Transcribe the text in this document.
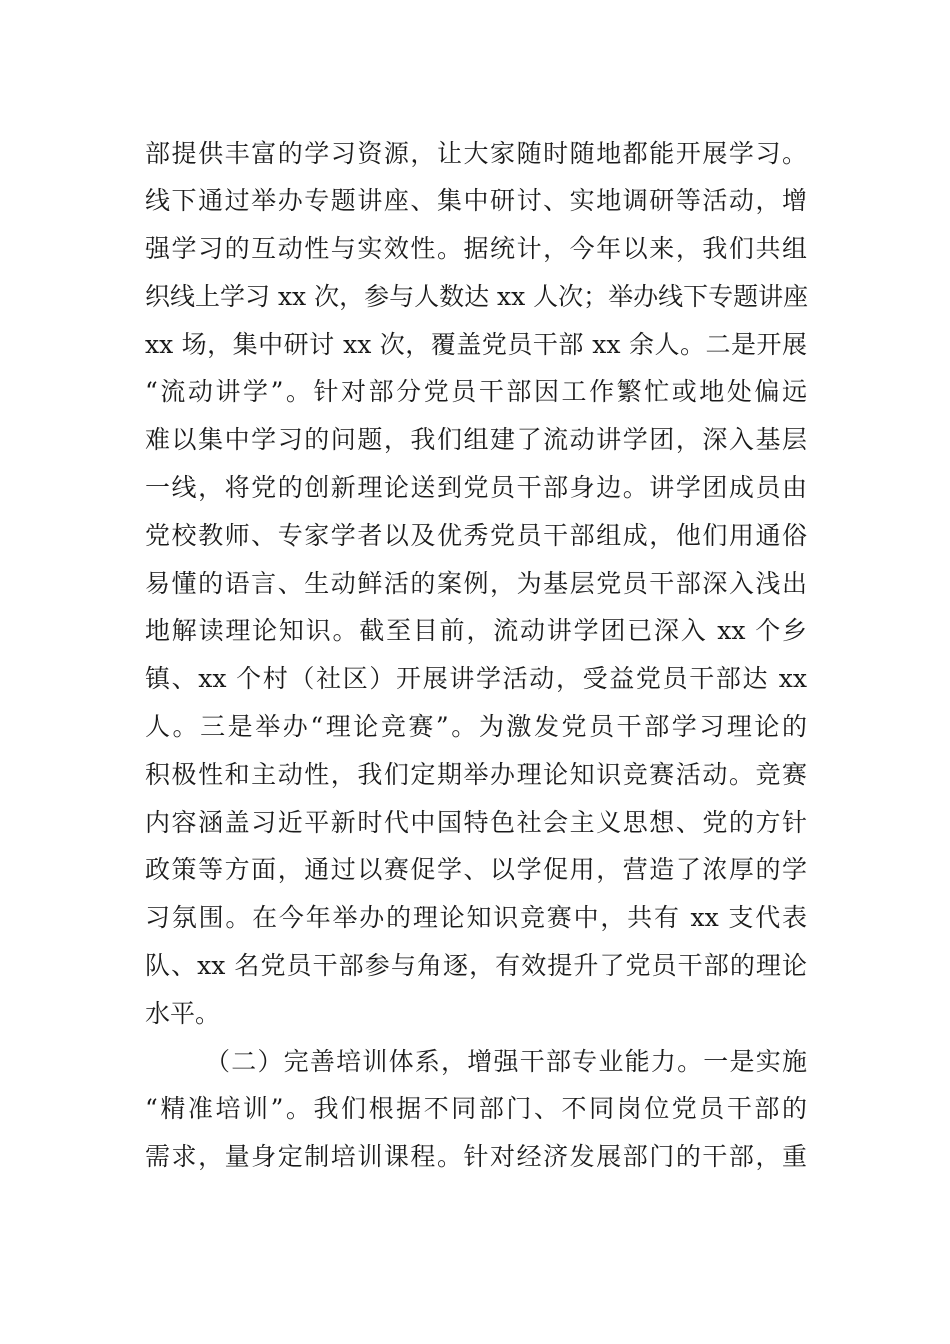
部提供丰富的学习资源，让大家随时随地都能开展学习。
线下通过举办专题讲座、集中研讨、实地调研等活动，增
强学习的互动性与实效性。据统计，今年以来，我们共组
织线上学习 xx 次，参与人数达 xx 人次；举办线下专题讲座
xx 场，集中研讨 xx 次，覆盖党员干部 xx 余人。二是开展
“流动讲学”。针对部分党员干部因工作繁忙或地处偏远
难以集中学习的问题，我们组建了流动讲学团，深入基层
一线，将党的创新理论送到党员干部身边。讲学团成员由
党校教师、专家学者以及优秀党员干部组成，他们用通俗
易懂的语言、生动鲜活的案例，为基层党员干部深入浅出
地解读理论知识。截至目前，流动讲学团已深入 xx 个乡
镇、xx 个村（社区）开展讲学活动，受益党员干部达 xx
人。三是举办“理论竞赛”。为激发党员干部学习理论的
积极性和主动性，我们定期举办理论知识竞赛活动。竞赛
内容涵盖习近平新时代中国特色社会主义思想、党的方针
政策等方面，通过以赛促学、以学促用，营造了浓厚的学
习氛围。在今年举办的理论知识竞赛中，共有 xx 支代表
队、xx 名党员干部参与角逐，有效提升了党员干部的理论
水平。
（二）完善培训体系，增强干部专业能力。一是实施
“精准培训”。我们根据不同部门、不同岗位党员干部的
需求，量身定制培训课程。针对经济发展部门的干部，重
